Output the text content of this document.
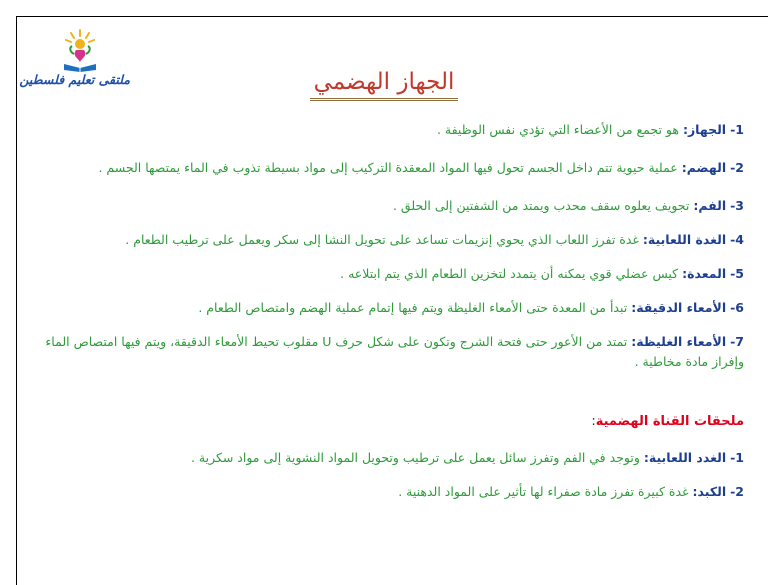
ملتقى تعليم فلسطين	الجهاز الهضمي

1- الجهاز: هو تجمع من الأعضاء التي تؤدي نفس الوظيفة .

2- الهضم: عملية حيوية تتم داخل الجسم تحول فيها المواد المعقدة التركيب إلى مواد بسيطة تذوب في الماء يمتصها الجسم .

3- الفم: تجويف يعلوه سقف محدب ويمتد من الشفتين إلى الحلق .

4- الغدة اللعابية: غدة تفرز اللعاب الذي يحوي إنزيمات تساعد على تحويل النشا إلى سكر ويعمل على ترطيب الطعام .

5- المعدة: كيس عضلي قوي يمكنه أن يتمدد لتخزين الطعام الذي يتم ابتلاعه .

6- الأمعاء الدقيقة: تبدأ من المعدة حتى الأمعاء الغليظة ويتم فيها إتمام عملية الهضم وامتصاص الطعام .

7- الأمعاء الغليظة: تمتد من الأعور حتى فتحة الشرج وتكون على شكل حرف U مقلوب تحيط الأمعاء الدقيقة، ويتم فيها امتصاص الماء وإفراز مادة مخاطية .

ملحقات القناة الهضمية:

1- الغدد اللعابية: وتوجد في الفم وتفرز سائل يعمل على ترطيب وتحويل المواد النشوية إلى مواد سكرية .

2- الكبد: غدة كبيرة تفرز مادة صفراء لها تأثير على المواد الدهنية .
